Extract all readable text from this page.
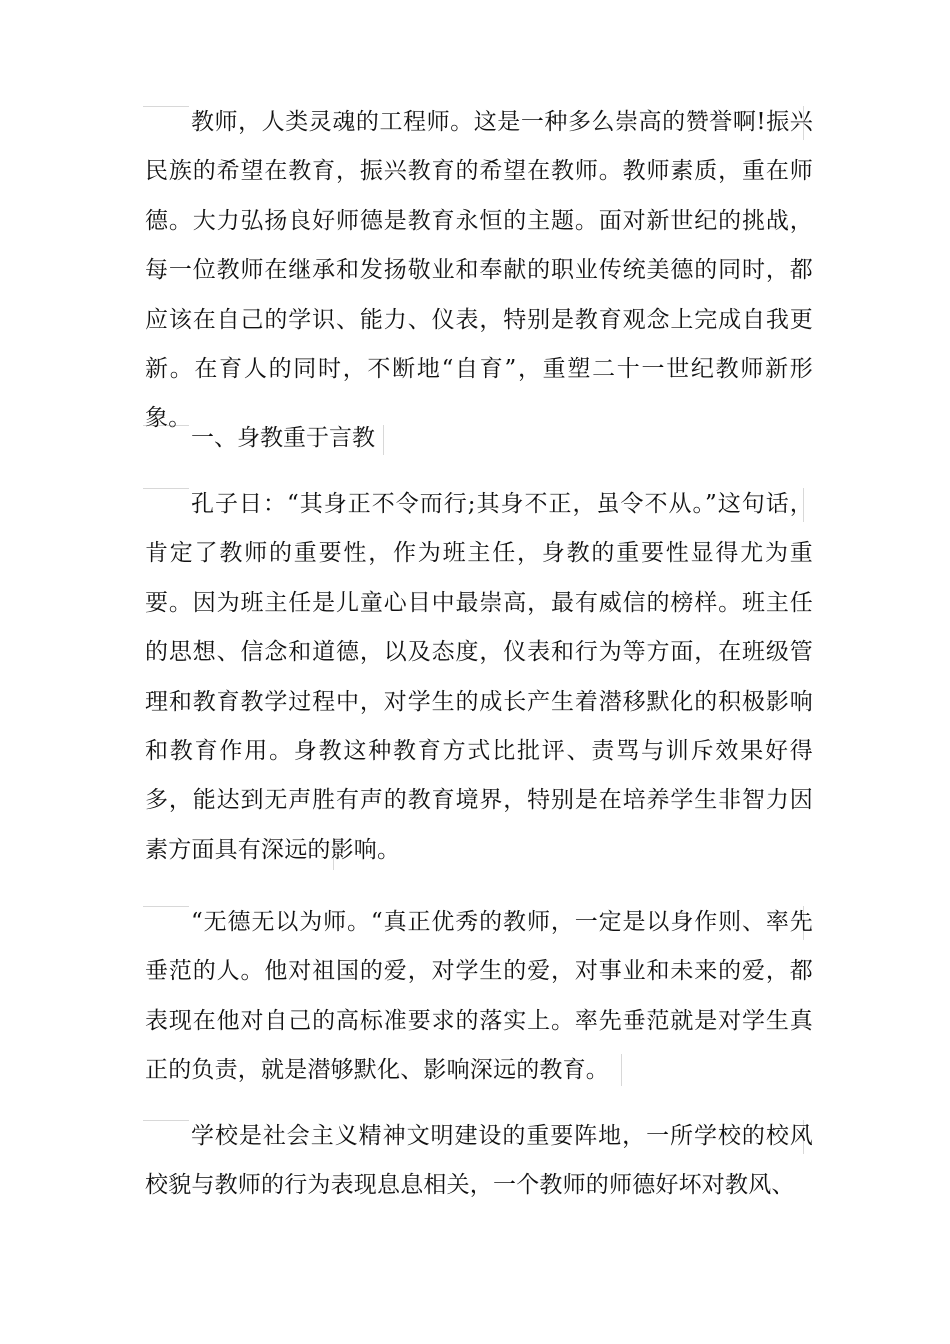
教师，人类灵魂的工程师。这是一种多么崇高的赞誉啊!振兴民族的希望在教育，振兴教育的希望在教师。教师素质，重在师德。大力弘扬良好师德是教育永恒的主题。面对新世纪的挑战，每一位教师在继承和发扬敬业和奉献的职业传统美德的同时，都应该在自己的学识、能力、仪表，特别是教育观念上完成自我更新。在育人的同时，不断地“自育”，重塑二十一世纪教师新形象。

一、身教重于言教

孔子日：“其身正不令而行;其身不正，虽令不从。”这句话，肯定了教师的重要性，作为班主任，身教的重要性显得尤为重要。因为班主任是儿童心目中最崇高，最有威信的榜样。班主任的思想、信念和道德，以及态度，仪表和行为等方面，在班级管理和教育教学过程中，对学生的成长产生着潜移默化的积极影响和教育作用。身教这种教育方式比批评、责骂与训斥效果好得多，能达到无声胜有声的教育境界，特别是在培养学生非智力因素方面具有深远的影响。

“无德无以为师。“真正优秀的教师，一定是以身作则、率先垂范的人。他对祖国的爱，对学生的爱，对事业和未来的爱，都表现在他对自己的高标准要求的落实上。率先垂范就是对学生真正的负责，就是潜够默化、影响深远的教育。

学校是社会主义精神文明建设的重要阵地，一所学校的校风校貌与教师的行为表现息息相关，一个教师的师德好坏对教风、
